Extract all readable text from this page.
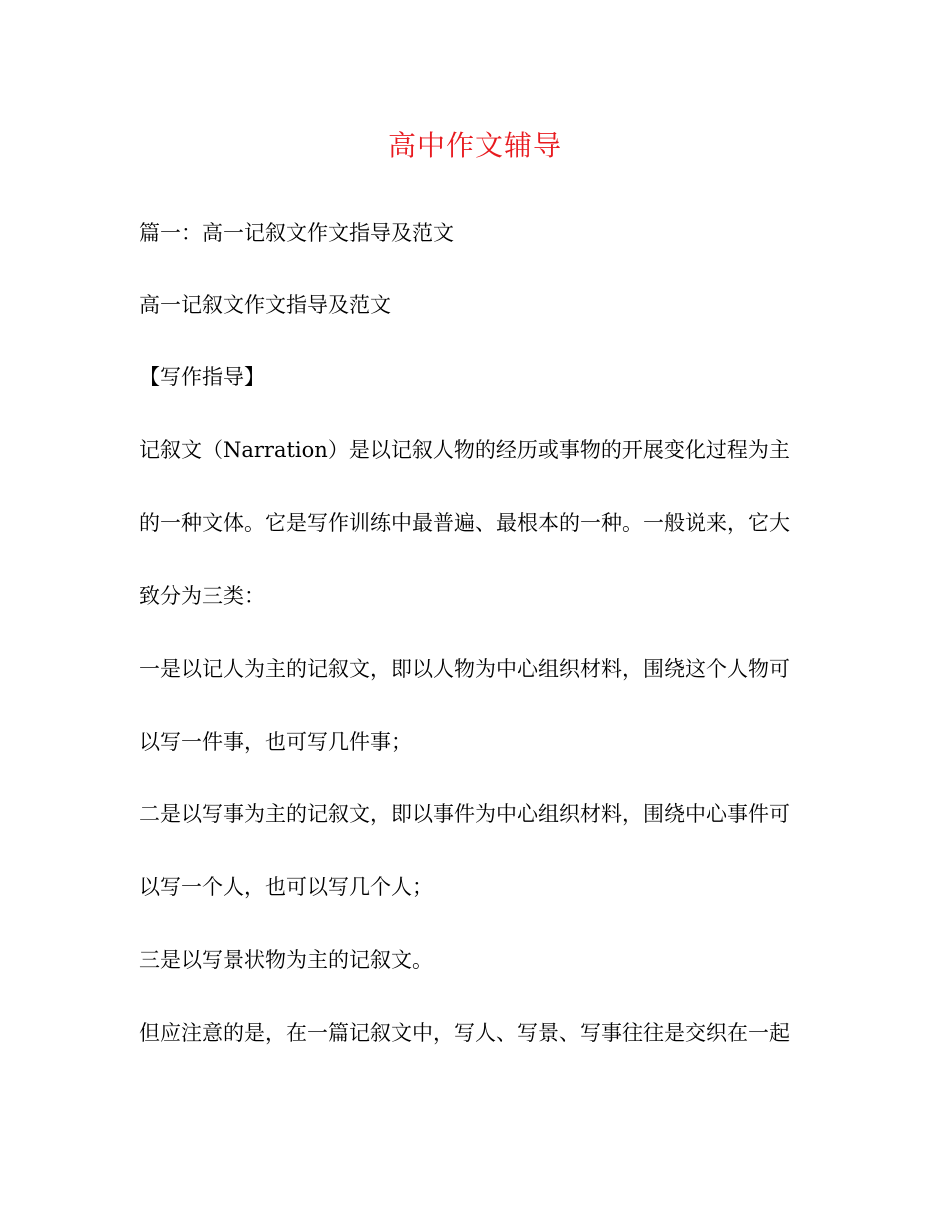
高中作文辅导
篇一：高一记叙文作文指导及范文
高一记叙文作文指导及范文
【写作指导】
记叙文（Narration）是以记叙人物的经历或事物的开展变化过程为主
的一种文体。它是写作训练中最普遍、最根本的一种。一般说来，它大
致分为三类：
一是以记人为主的记叙文，即以人物为中心组织材料，围绕这个人物可
以写一件事，也可写几件事；
二是以写事为主的记叙文，即以事件为中心组织材料，围绕中心事件可
以写一个人，也可以写几个人；
三是以写景状物为主的记叙文。
但应注意的是，在一篇记叙文中，写人、写景、写事往往是交织在一起
